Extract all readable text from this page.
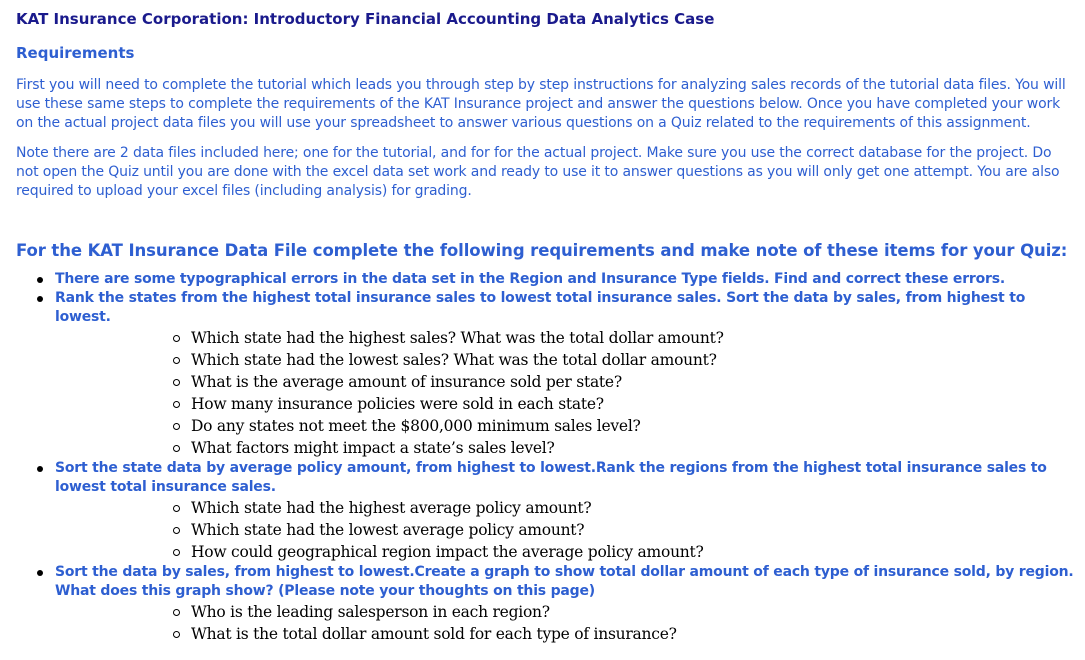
KAT Insurance Corporation: Introductory Financial Accounting Data Analytics Case
Requirements

First you will need to complete the tutorial which leads you through step by step instructions for analyzing sales records of the tutorial data files. You will use these same steps to complete the requirements of the KAT Insurance project and answer the questions below. Once you have completed your work on the actual project data files you will use your spreadsheet to answer various questions on a Quiz related to the requirements of this assignment.

Note there are 2 data files included here; one for the tutorial, and for for the actual project. Make sure you use the correct database for the project. Do not open the Quiz until you are done with the excel data set work and ready to use it to answer questions as you will only get one attempt. You are also required to upload your excel files (including analysis) for grading.

For the KAT Insurance Data File complete the following requirements and make note of these items for your Quiz:
There are some typographical errors in the data set in the Region and Insurance Type fields. Find and correct these errors.
Rank the states from the highest total insurance sales to lowest total insurance sales. Sort the data by sales, from highest to lowest.
Which state had the highest sales? What was the total dollar amount?
Which state had the lowest sales? What was the total dollar amount?
What is the average amount of insurance sold per state?
How many insurance policies were sold in each state?
Do any states not meet the $800,000 minimum sales level?
What factors might impact a state’s sales level?
Sort the state data by average policy amount, from highest to lowest.Rank the regions from the highest total insurance sales to lowest total insurance sales.
Which state had the highest average policy amount?
Which state had the lowest average policy amount?
How could geographical region impact the average policy amount?
Sort the data by sales, from highest to lowest.Create a graph to show total dollar amount of each type of insurance sold, by region. What does this graph show? (Please note your thoughts on this page)
Who is the leading salesperson in each region?
What is the total dollar amount sold for each type of insurance?
